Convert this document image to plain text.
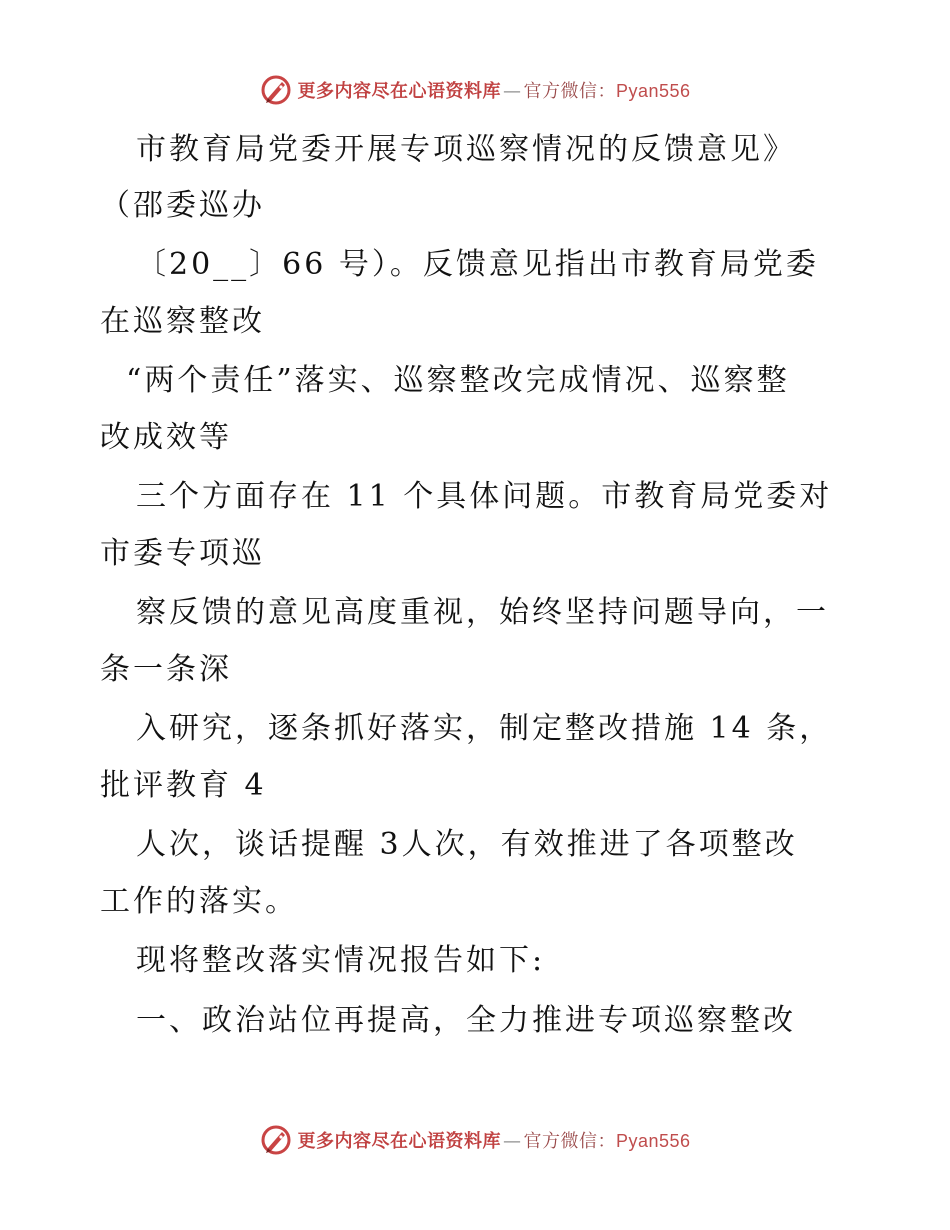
更多内容尽在心语资料库 — 官方微信：Pyan556
市教育局党委开展专项巡察情况的反馈意见》
（邵委巡办
〔20__〕66 号）。反馈意见指出市教育局党委
在巡察整改
“两个责任”落实、巡察整改完成情况、巡察整
改成效等
三个方面存在 11 个具体问题。市教育局党委对
市委专项巡
察反馈的意见高度重视，始终坚持问题导向，一
条一条深
入研究，逐条抓好落实，制定整改措施 14 条，
批评教育 4
人次，谈话提醒 3人次，有效推进了各项整改
工作的落实。
现将整改落实情况报告如下:
一、政治站位再提高，全力推进专项巡察整改
更多内容尽在心语资料库 — 官方微信：Pyan556
